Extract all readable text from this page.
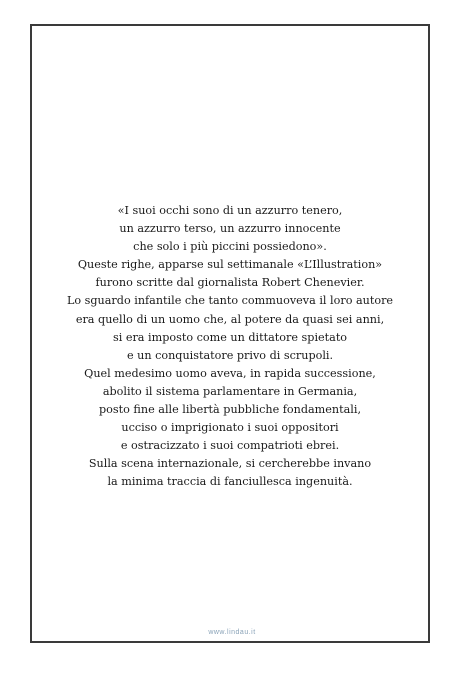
«I suoi occhi sono di un azzurro tenero,
un azzurro terso, un azzurro innocente
che solo i più piccini possiedono».
Queste righe, apparse sul settimanale «L’Illustration»
furono scritte dal giornalista Robert Chenevier.
Lo sguardo infantile che tanto commuoveva il loro autore
era quello di un uomo che, al potere da quasi sei anni,
si era imposto come un dittatore spietato
e un conquistatore privo di scrupoli.
Quel medesimo uomo aveva, in rapida successione,
abolito il sistema parlamentare in Germania,
posto fine alle libertà pubbliche fondamentali,
ucciso o imprigionato i suoi oppositori
e ostracizzato i suoi compatrioti ebrei.
Sulla scena internazionale, si cercherebbe invano
la minima traccia di fanciullesca ingenuità.

www.lindau.it
